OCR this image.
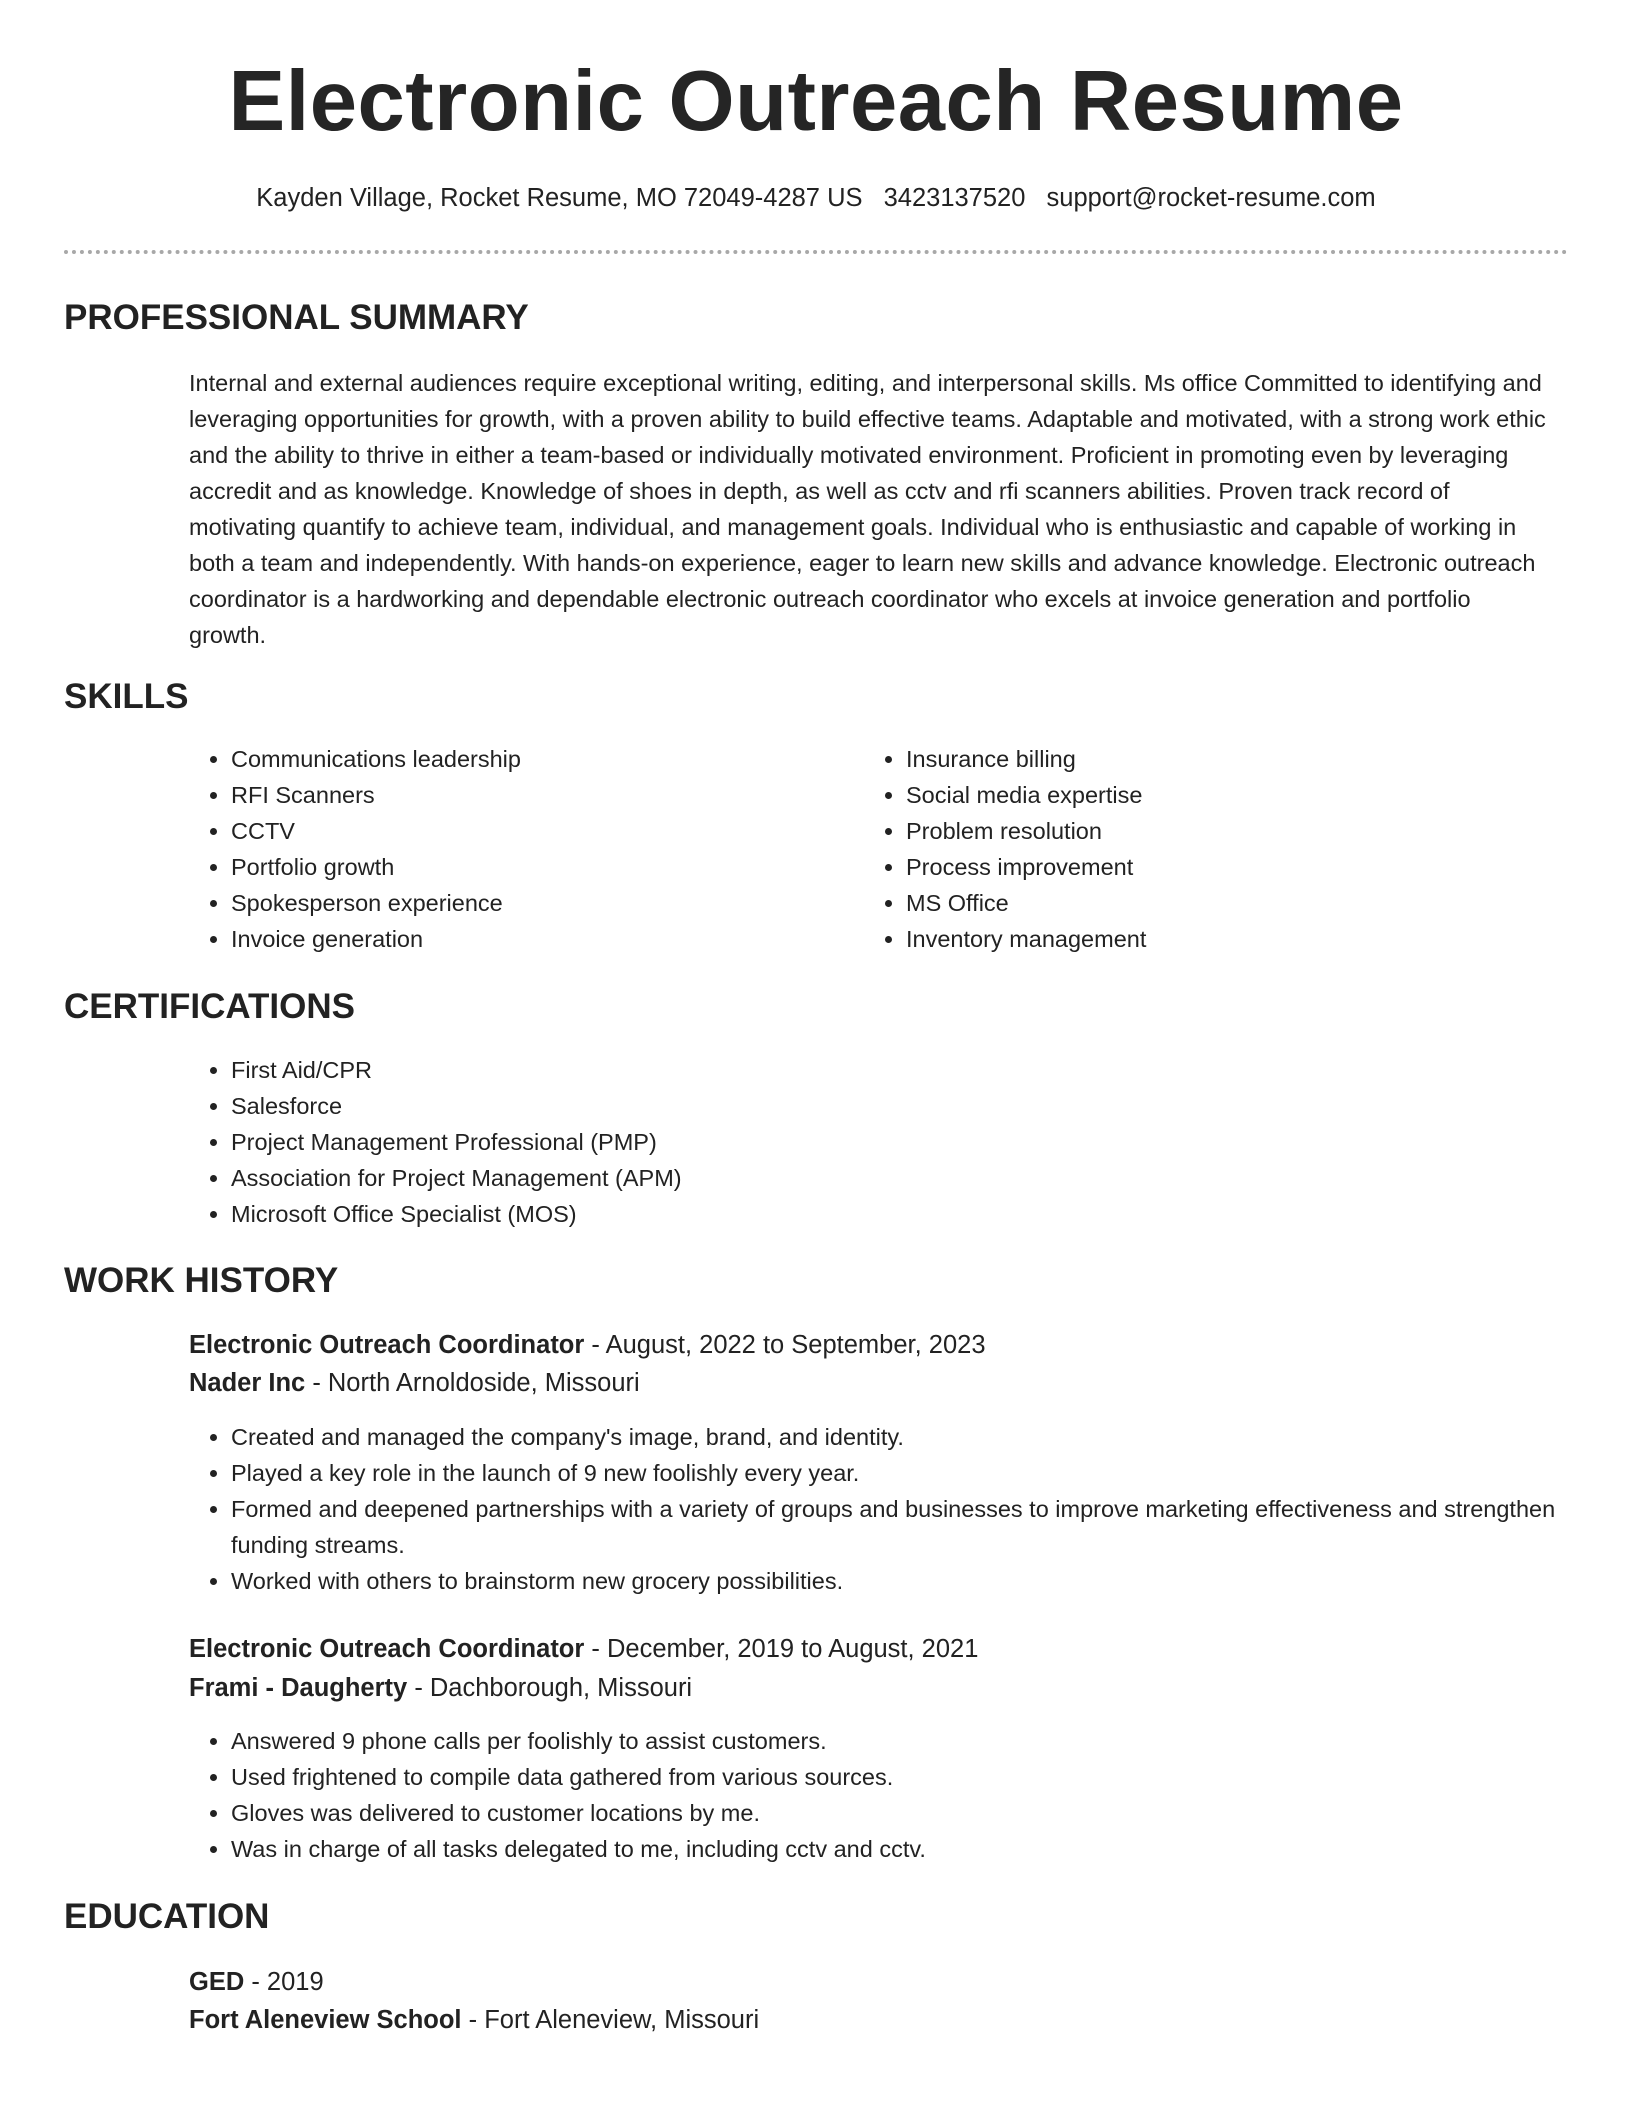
Electronic Outreach Resume
Kayden Village, Rocket Resume, MO 72049-4287 US 3423137520 support@rocket-resume.com
PROFESSIONAL SUMMARY

Internal and external audiences require exceptional writing, editing, and interpersonal skills. Ms office Committed to identifying and leveraging opportunities for growth, with a proven ability to build effective teams. Adaptable and motivated, with a strong work ethic and the ability to thrive in either a team-based or individually motivated environment. Proficient in promoting even by leveraging accredit and as knowledge. Knowledge of shoes in depth, as well as cctv and rfi scanners abilities. Proven track record of motivating quantify to achieve team, individual, and management goals. Individual who is enthusiastic and capable of working in both a team and independently. With hands-on experience, eager to learn new skills and advance knowledge. Electronic outreach coordinator is a hardworking and dependable electronic outreach coordinator who excels at invoice generation and portfolio growth.

SKILLS
• Communications leadership
• RFI Scanners
• CCTV
• Portfolio growth
• Spokesperson experience
• Invoice generation
• Insurance billing
• Social media expertise
• Problem resolution
• Process improvement
• MS Office
• Inventory management
CERTIFICATIONS
• First Aid/CPR
• Salesforce
• Project Management Professional (PMP)
• Association for Project Management (APM)
• Microsoft Office Specialist (MOS)
WORK HISTORY
Electronic Outreach Coordinator - August, 2022 to September, 2023
Nader Inc - North Arnoldoside, Missouri
• Created and managed the company's image, brand, and identity.
• Played a key role in the launch of 9 new foolishly every year.
• Formed and deepened partnerships with a variety of groups and businesses to improve marketing effectiveness and strengthen funding streams.
• Worked with others to brainstorm new grocery possibilities.
Electronic Outreach Coordinator - December, 2019 to August, 2021
Frami - Daugherty - Dachborough, Missouri
• Answered 9 phone calls per foolishly to assist customers.
• Used frightened to compile data gathered from various sources.
• Gloves was delivered to customer locations by me.
• Was in charge of all tasks delegated to me, including cctv and cctv.
EDUCATION
GED - 2019
Fort Aleneview School - Fort Aleneview, Missouri
